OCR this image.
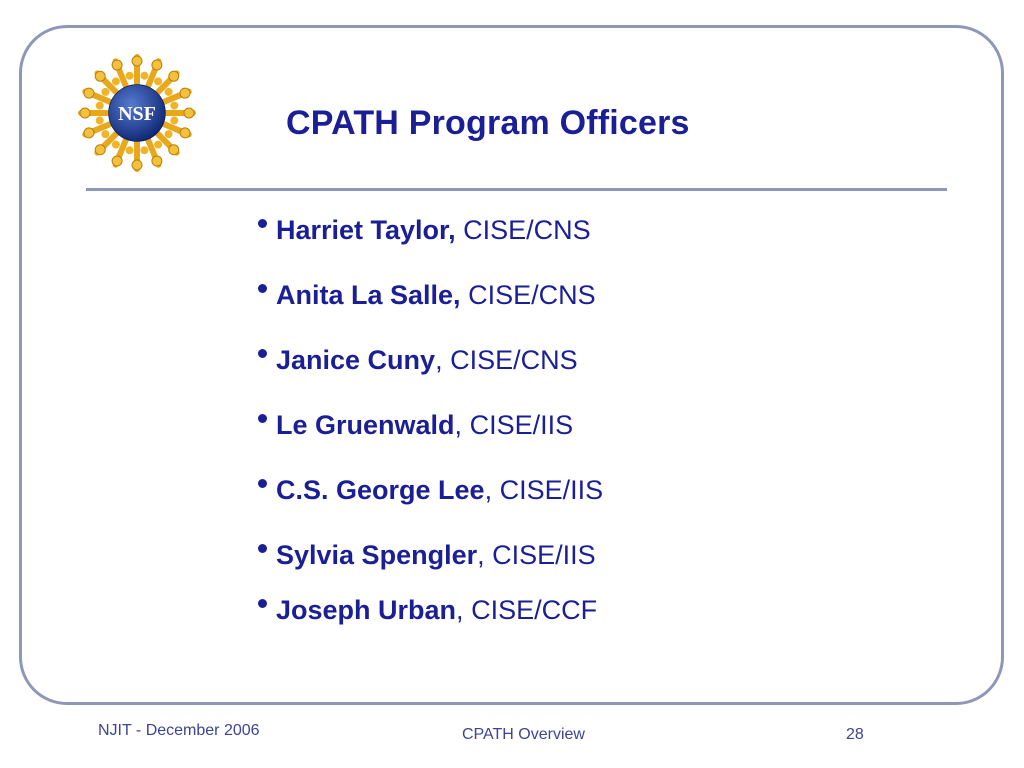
NSF	CPATH Program Officers
Harriet Taylor, CISE/CNS
Anita La Salle, CISE/CNS
Janice Cuny, CISE/CNS
Le Gruenwald, CISE/IIS
C.S. George Lee, CISE/IIS
Sylvia Spengler, CISE/IIS
Joseph Urban, CISE/CCF
NJIT - December 2006	CPATH Overview	28
